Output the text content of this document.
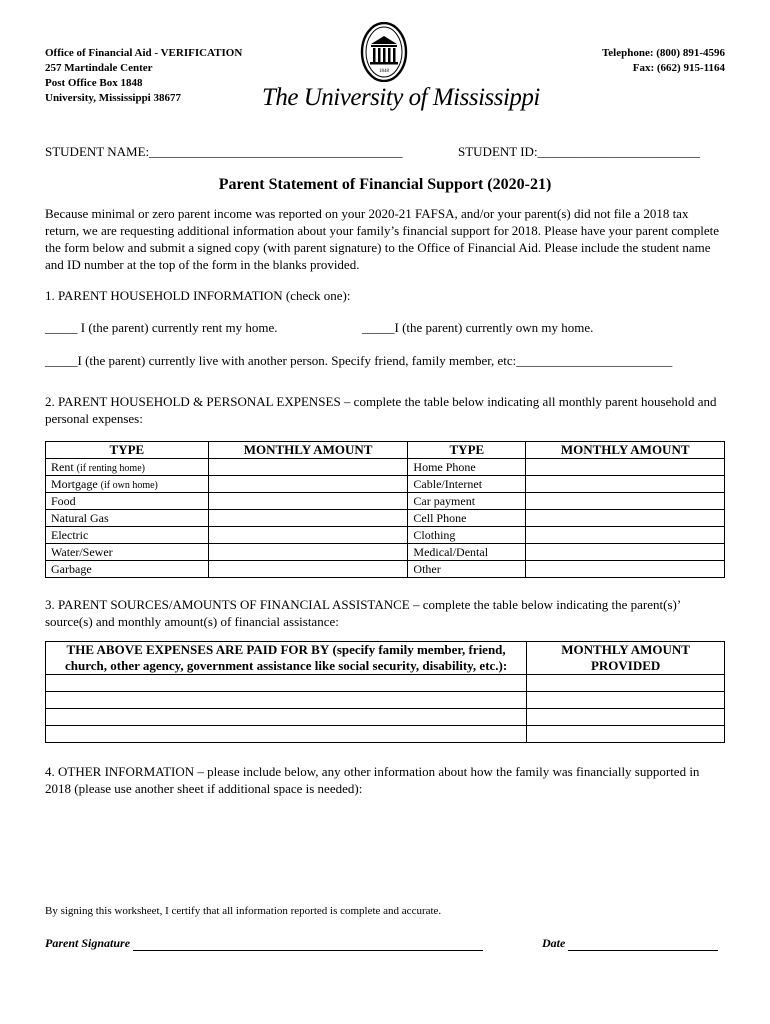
Office of Financial Aid - VERIFICATION
257 Martindale Center
Post Office Box 1848
University, Mississippi 38677
1848
The University of Mississippi
Telephone: (800) 891-4596
Fax: (662) 915-1164
STUDENT NAME:_______________________________________	STUDENT ID:_________________________
Parent Statement of Financial Support (2020-21)
Because minimal or zero parent income was reported on your 2020-21 FAFSA, and/or your parent(s) did not file a 2018 tax return, we are requesting additional information about your family’s financial support for 2018. Please have your parent complete the form below and submit a signed copy (with parent signature) to the Office of Financial Aid. Please include the student name and ID number at the top of the form in the blanks provided.
1. PARENT HOUSEHOLD INFORMATION (check one):
_____ I (the parent) currently rent my home.	_____I (the parent) currently own my home.
_____I (the parent) currently live with another person. Specify friend, family member, etc:________________________
2. PARENT HOUSEHOLD & PERSONAL EXPENSES – complete the table below indicating all monthly parent household and personal expenses:
TYPE	MONTHLY AMOUNT	TYPE	MONTHLY AMOUNT
Rent (if renting home)		Home Phone	
Mortgage (if own home)		Cable/Internet	
Food		Car payment	
Natural Gas		Cell Phone	
Electric		Clothing	
Water/Sewer		Medical/Dental	
Garbage		Other	
3. PARENT SOURCES/AMOUNTS OF FINANCIAL ASSISTANCE – complete the table below indicating the parent(s)’ source(s) and monthly amount(s) of financial assistance:
THE ABOVE EXPENSES ARE PAID FOR BY (specify family member, friend, church, other agency, government assistance like social security, disability, etc.):	MONTHLY AMOUNT PROVIDED

4. OTHER INFORMATION – please include below, any other information about how the family was financially supported in 2018 (please use another sheet if additional space is needed):
By signing this worksheet, I certify that all information reported is complete and accurate.
Parent Signature	Date
